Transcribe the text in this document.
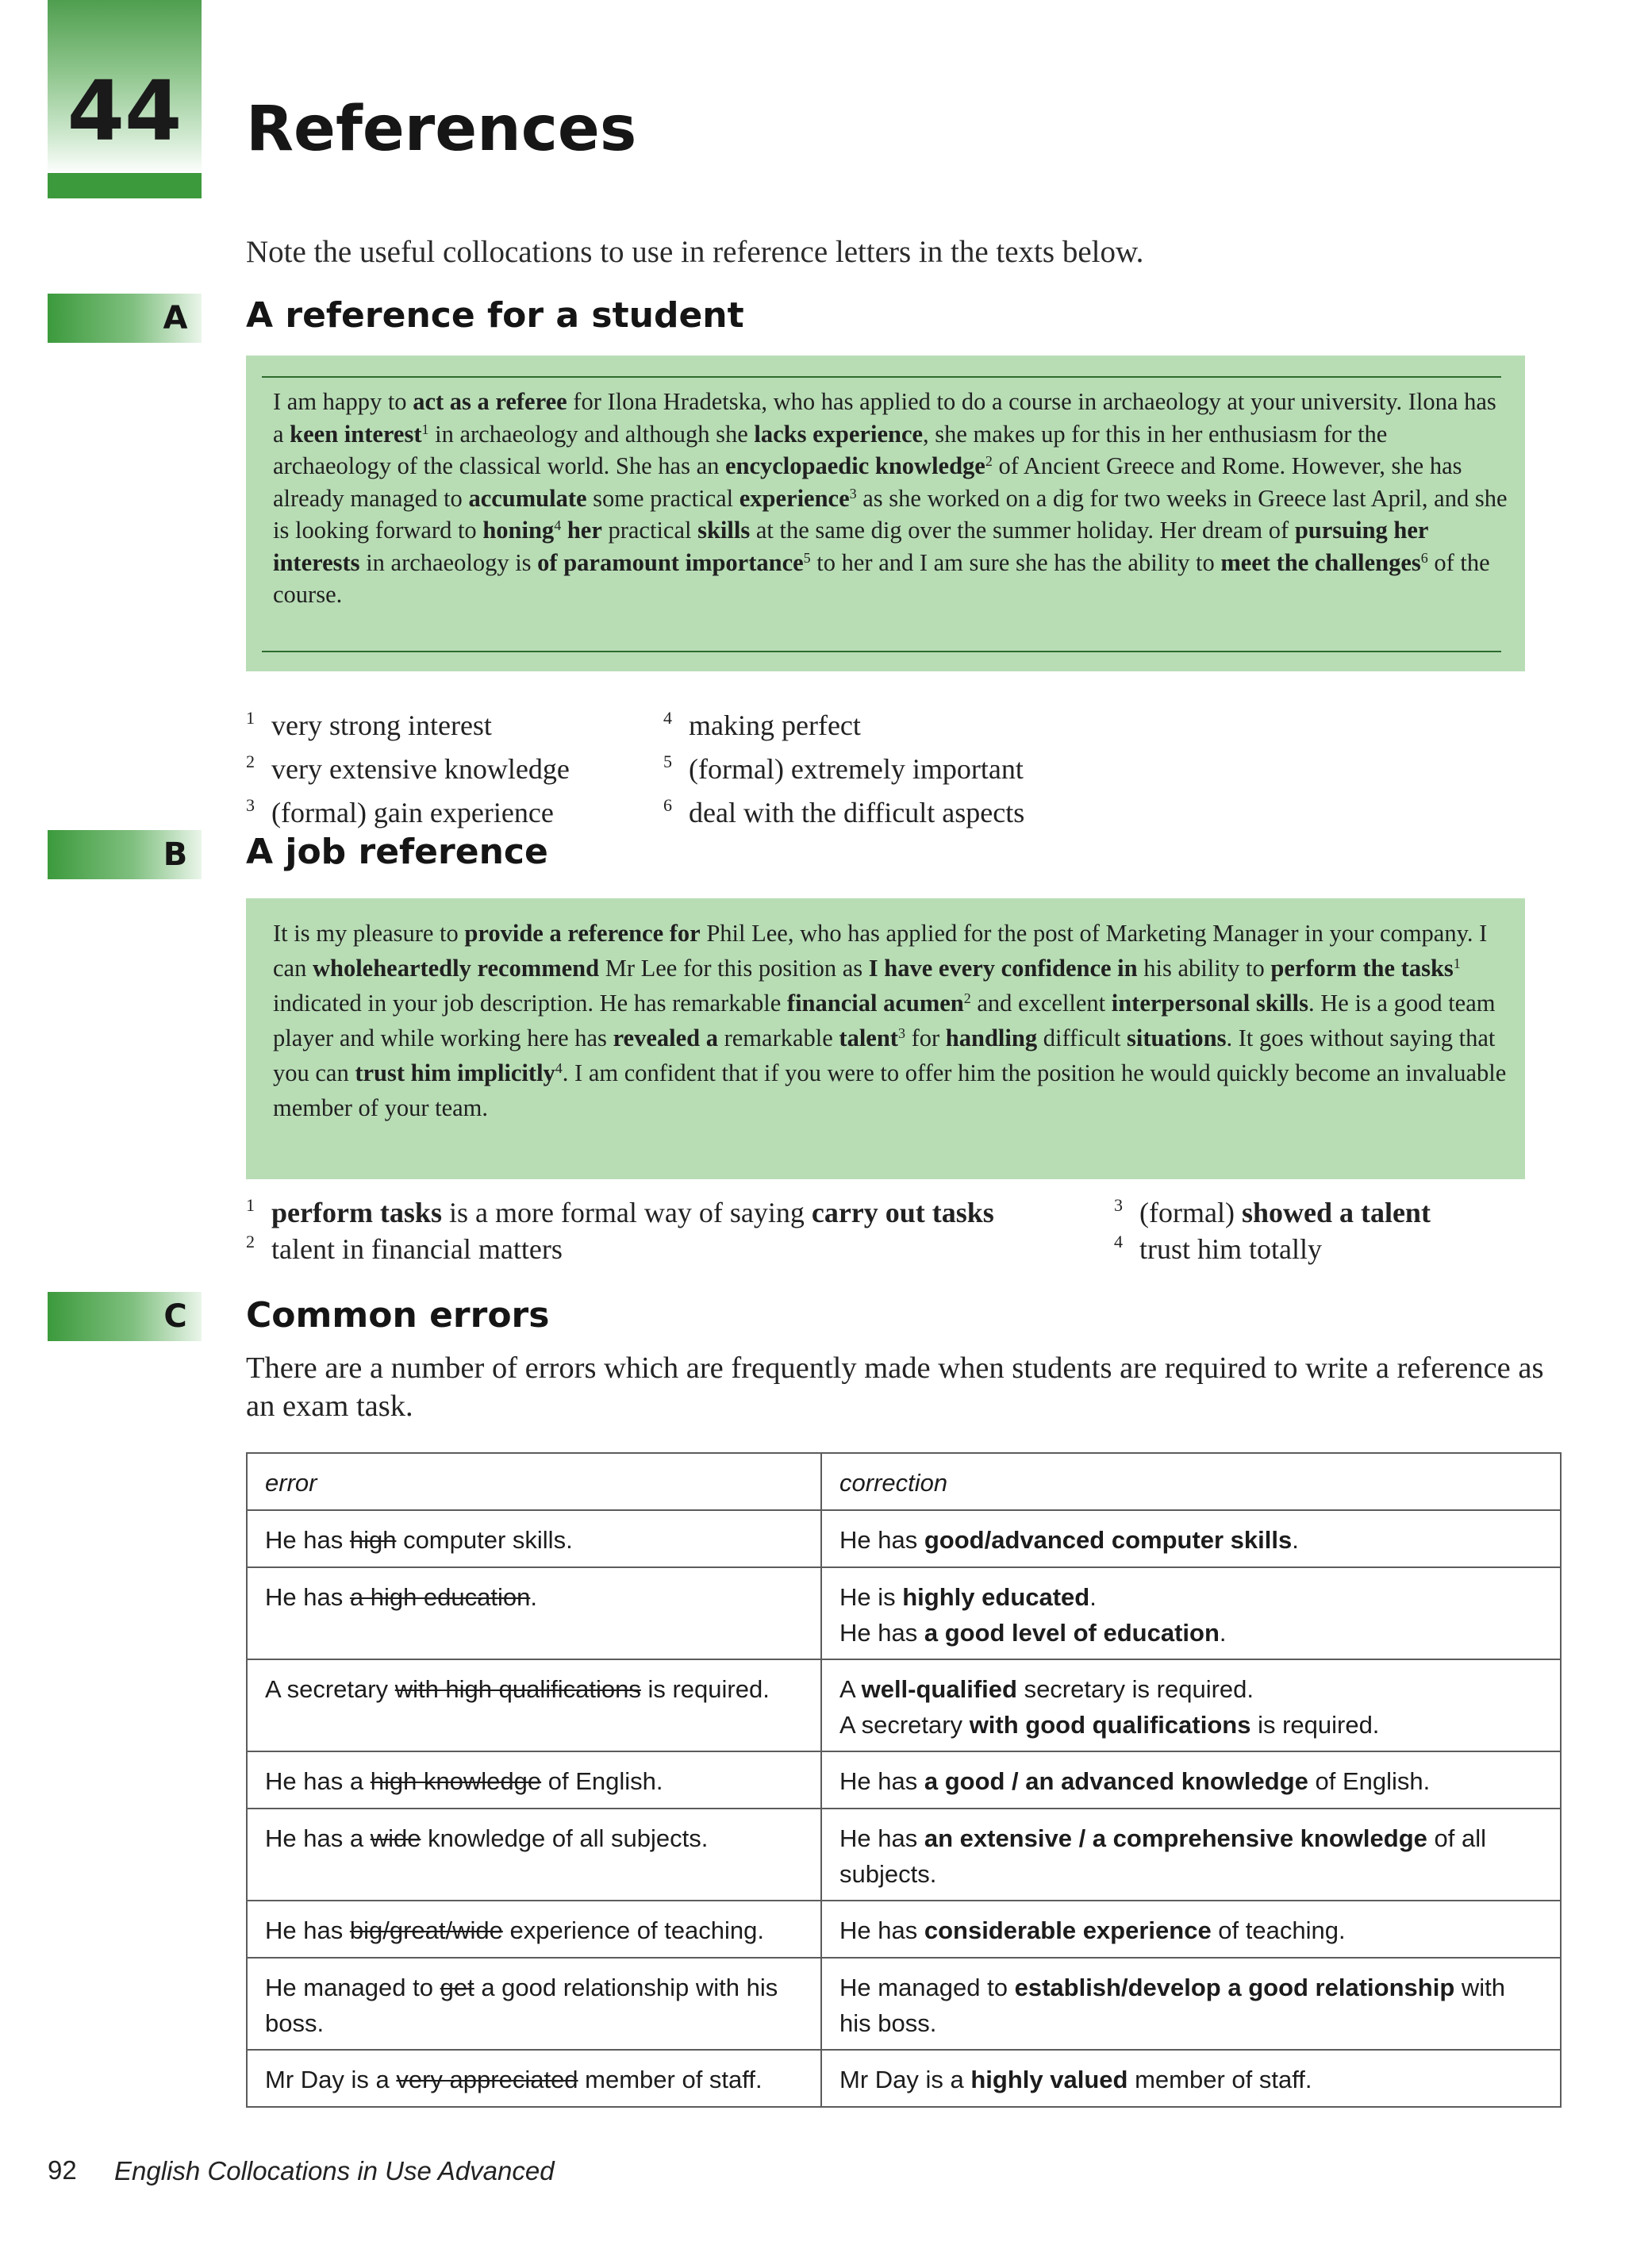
44	References
Note the useful collocations to use in reference letters in the texts below.
A A reference for a student
I am happy to act as a referee for Ilona Hradetska, who has applied to do a course in archaeology at your university. Ilona has a keen interest$^1$ in archaeology and although she lacks experience, she makes up for this in her enthusiasm for the archaeology of the classical world. She has an encyclopaedic knowledge$^2$ of Ancient Greece and Rome. However, she has already managed to accumulate some practical experience$^3$ as she worked on a dig for two weeks in Greece last April, and she is looking forward to honing$^4$ her practical skills at the same dig over the summer holiday. Her dream of pursuing her interests in archaeology is of paramount importance$^5$ to her and I am sure she has the ability to meet the challenges$^6$ of the course.
1 very strong interest
2 very extensive knowledge
3 (formal) gain experience
4 making perfect
5 (formal) extremely important
6 deal with the difficult aspects
B A job reference
It is my pleasure to provide a reference for Phil Lee, who has applied for the post of Marketing Manager in your company. I can wholeheartedly recommend Mr Lee for this position as I have every confidence in his ability to perform the tasks$^1$ indicated in your job description. He has remarkable financial acumen$^2$ and excellent interpersonal skills. He is a good team player and while working here has revealed a remarkable talent$^3$ for handling difficult situations. It goes without saying that you can trust him implicitly$^4$. I am confident that if you were to offer him the position he would quickly become an invaluable member of your team.
1 perform tasks is a more formal way of saying carry out tasks
2 talent in financial matters
3 (formal) showed a talent
4 trust him totally
C Common errors
There are a number of errors which are frequently made when students are required to write a reference as an exam task.
error	correction
He has high computer skills.	He has good/advanced computer skills.

He has a high education.	He is highly educated.
He has a good level of education.

A secretary with high qualifications is required.	A well-qualified secretary is required.
A secretary with good qualifications is required.

He has a high knowledge of English.	He has a good / an advanced knowledge of English.

He has a wide knowledge of all subjects.	He has an extensive / a comprehensive knowledge of all subjects.

He has big/great/wide experience of teaching.	He has considerable experience of teaching.

He managed to get a good relationship with his boss.	He managed to establish/develop a good relationship with his boss.

Mr Day is a very appreciated member of staff.	Mr Day is a highly valued member of staff.
92 English Collocations in Use Advanced
